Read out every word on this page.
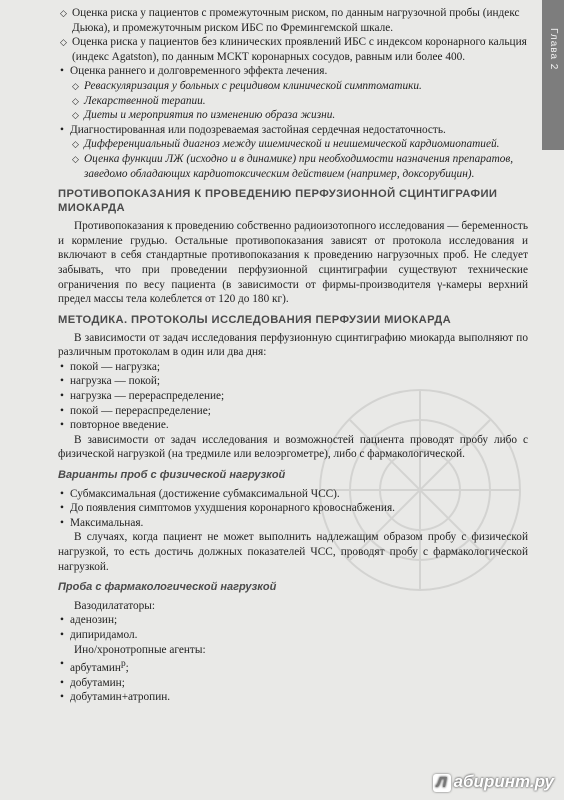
Глава 2
◇ Оценка риска у пациентов с промежуточным риском, по данным нагрузочной пробы (индекс Дьюка), и промежуточным риском ИБС по Фремингемской шкале.
◇ Оценка риска у пациентов без клинических проявлений ИБС с индексом коронарного кальция (индекс Agatston), по данным МСКТ коронарных сосудов, равным или более 400.
• Оценка раннего и долговременного эффекта лечения.
◇ Реваскуляризация у больных с рецидивом клинической симптоматики.
◇ Лекарственной терапии.
◇ Диеты и мероприятия по изменению образа жизни.
• Диагностированная или подозреваемая застойная сердечная недостаточность.
◇ Дифференциальный диагноз между ишемической и неишемической кардиомиопатией.
◇ Оценка функции ЛЖ (исходно и в динамике) при необходимости назначения препаратов, заведомо обладающих кардиотоксическим действием (например, доксорубицин).
ПРОТИВОПОКАЗАНИЯ К ПРОВЕДЕНИЮ ПЕРФУЗИОННОЙ СЦИНТИГРАФИИ МИОКАРДА

Противопоказания к проведению собственно радиоизотопного исследования — беременность и кормление грудью. Остальные противопоказания зависят от протокола исследования и включают в себя стандартные противопоказания к проведению нагрузочных проб. Не следует забывать, что при проведении перфузионной сцинтиграфии существуют технические ограничения по весу пациента (в зависимости от фирмы-производителя γ-камеры верхний предел массы тела колеблется от 120 до 180 кг).

МЕТОДИКА. ПРОТОКОЛЫ ИССЛЕДОВАНИЯ ПЕРФУЗИИ МИОКАРДА

В зависимости от задач исследования перфузионную сцинтиграфию миокарда выполняют по различным протоколам в один или два дня:

• покой — нагрузка;
• нагрузка — покой;
• нагрузка — перераспределение;
• покой — перераспределение;
• повторное введение.

В зависимости от задач исследования и возможностей пациента проводят пробу либо с физической нагрузкой (на тредмиле или велоэргометре), либо с фармакологической.

Варианты проб с физической нагрузкой
• Субмаксимальная (достижение субмаксимальной ЧСС).
• До появления симптомов ухудшения коронарного кровоснабжения.
• Максимальная.

В случаях, когда пациент не может выполнить надлежащим образом пробу с физической нагрузкой, то есть достичь должных показателей ЧСС, проводят пробу с фармакологической нагрузкой.

Проба с фармакологической нагрузкой
Вазодилататоры:
• аденозин;
• дипиридамол.
Ино/хронотропные агенты:
• арбутамин$^р$;
• добутамин;
• добутамин+атропин.
Л абиринт.ру
